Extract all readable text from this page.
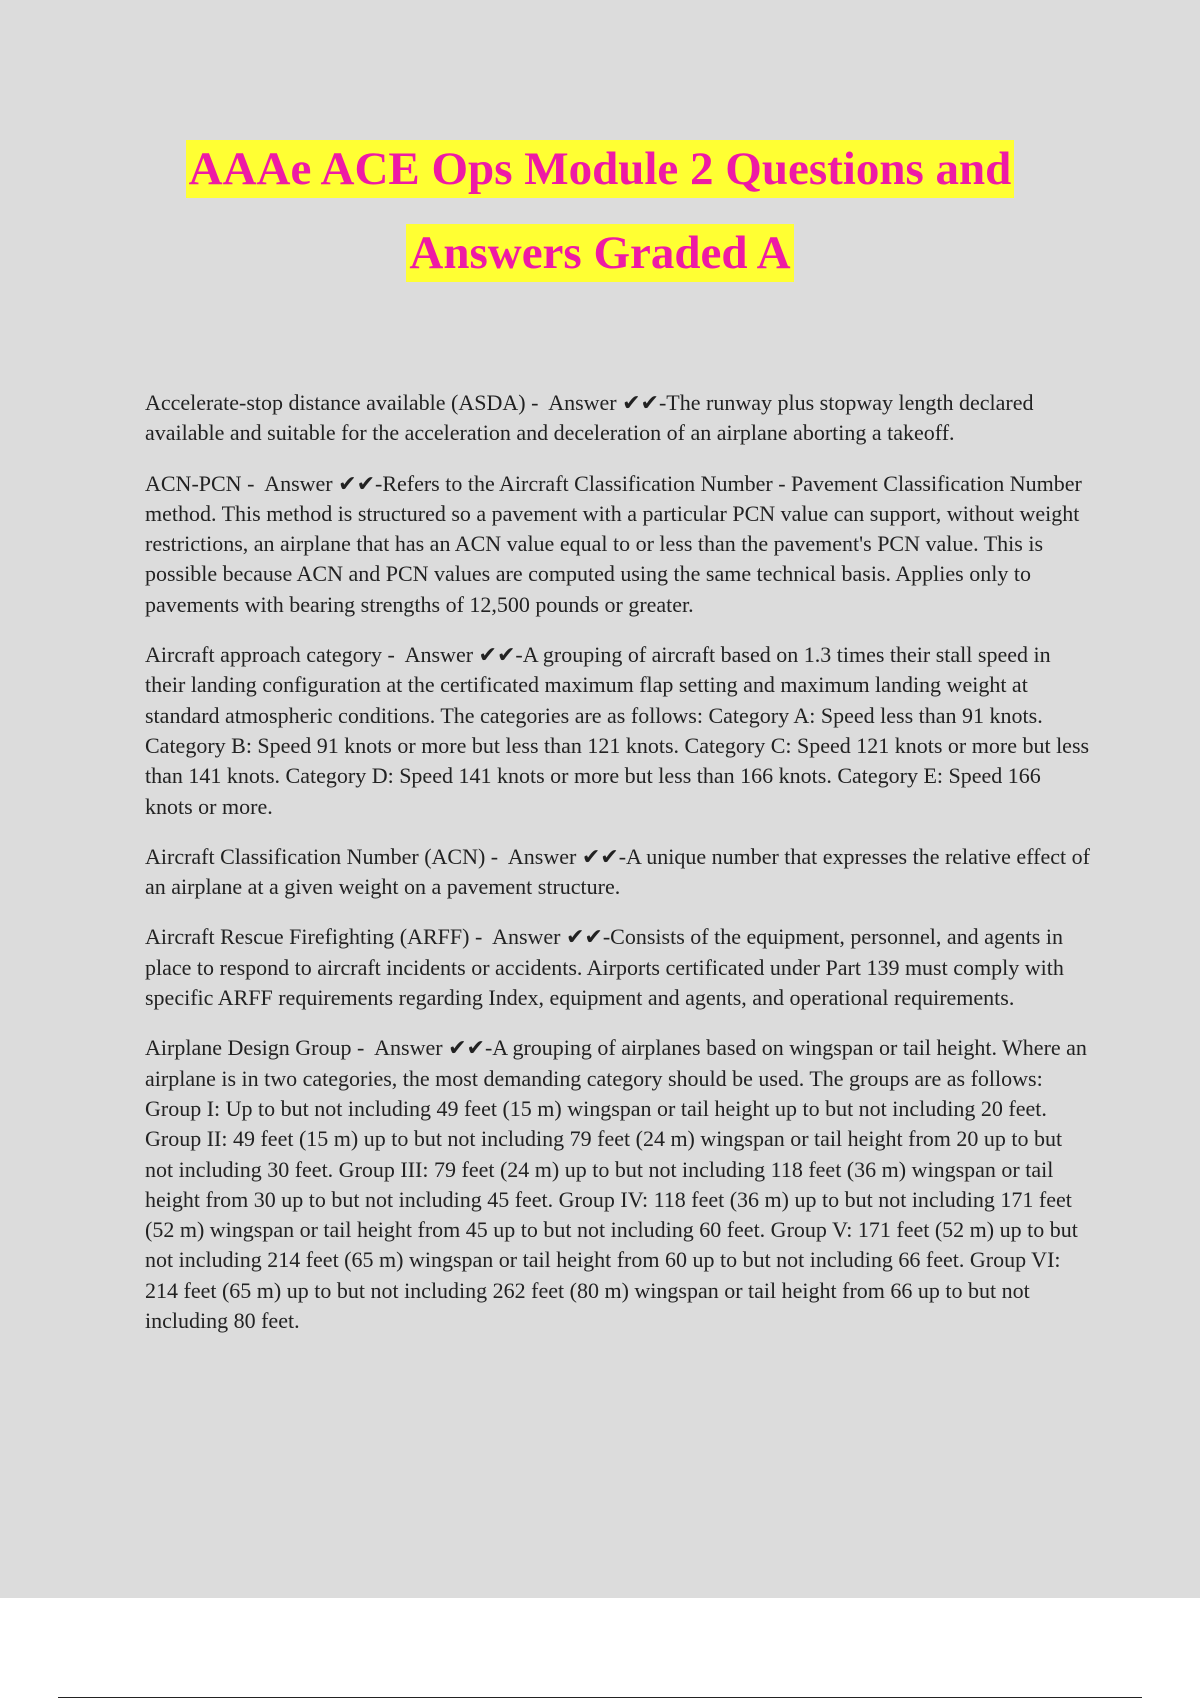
AAAe ACE Ops Module 2 Questions and
Answers Graded A

Accelerate-stop distance available (ASDA) -  Answer ✔✔-The runway plus stopway length declared available and suitable for the acceleration and deceleration of an airplane aborting a takeoff.

ACN-PCN -  Answer ✔✔-Refers to the Aircraft Classification Number - Pavement Classification Number method. This method is structured so a pavement with a particular PCN value can support, without weight restrictions, an airplane that has an ACN value equal to or less than the pavement's PCN value. This is possible because ACN and PCN values are computed using the same technical basis. Applies only to pavements with bearing strengths of 12,500 pounds or greater.

Aircraft approach category -  Answer ✔✔-A grouping of aircraft based on 1.3 times their stall speed in their landing configuration at the certificated maximum flap setting and maximum landing weight at standard atmospheric conditions. The categories are as follows: Category A: Speed less than 91 knots. Category B: Speed 91 knots or more but less than 121 knots. Category C: Speed 121 knots or more but less than 141 knots. Category D: Speed 141 knots or more but less than 166 knots. Category E: Speed 166 knots or more.

Aircraft Classification Number (ACN) -  Answer ✔✔-A unique number that expresses the relative effect of an airplane at a given weight on a pavement structure.

Aircraft Rescue Firefighting (ARFF) -  Answer ✔✔-Consists of the equipment, personnel, and agents in place to respond to aircraft incidents or accidents. Airports certificated under Part 139 must comply with specific ARFF requirements regarding Index, equipment and agents, and operational requirements.

Airplane Design Group -  Answer ✔✔-A grouping of airplanes based on wingspan or tail height. Where an airplane is in two categories, the most demanding category should be used. The groups are as follows: Group I: Up to but not including 49 feet (15 m) wingspan or tail height up to but not including 20 feet. Group II: 49 feet (15 m) up to but not including 79 feet (24 m) wingspan or tail height from 20 up to but not including 30 feet. Group III: 79 feet (24 m) up to but not including 118 feet (36 m) wingspan or tail height from 30 up to but not including 45 feet. Group IV: 118 feet (36 m) up to but not including 171 feet (52 m) wingspan or tail height from 45 up to but not including 60 feet. Group V: 171 feet (52 m) up to but not including 214 feet (65 m) wingspan or tail height from 60 up to but not including 66 feet. Group VI: 214 feet (65 m) up to but not including 262 feet (80 m) wingspan or tail height from 66 up to but not including 80 feet.
